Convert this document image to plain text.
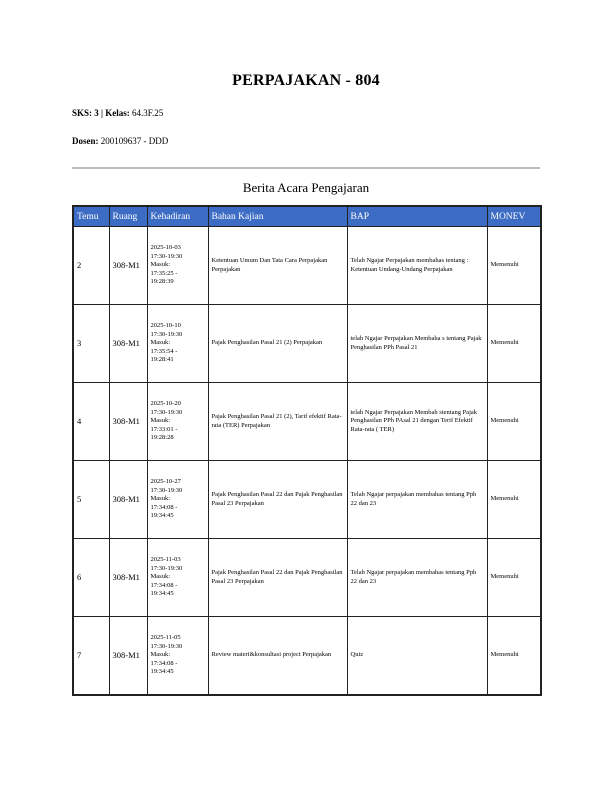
PERPAJAKAN - 804
SKS: 3 | Kelas: 64.3F.25
Dosen: 200109637 - DDD
Berita Acara Pengajaran
Temu	Ruang	Kehadiran	Bahan Kajian	BAP	MONEV
2	308-M1	2025-10-03
17:30-19:30
Masuk:
17:35:25 -
19:28:39	Ketentuan Umum Dan Tata Cara Perpajakan Perpajakan	Telah Ngajar Perpajakan membahas tentang : Ketentuan Undang-Undang Perpajakan	Memenuhi
3	308-M1	2025-10-10
17:30-19:30
Masuk:
17:35:54 -
19:28:41	Pajak Penghasilan Pasal 21 (2) Perpajakan	telah Ngajar Perpajakan Membaha s tentang Pajak Penghasilan PPh Pasal 21	Memenuhi
4	308-M1	2025-10-20
17:30-19:30
Masuk:
17:33:01 -
19:28:28	Pajak Penghasilan Pasal 21 (2), Tarif efektif Rata-rata (TER) Perpajakan	telah Ngajar Perpajakan Membah stentang Pajak Penghasilan PPh PAsal 21 dengan Terif Efektif Rata-rata ( TER)	Memenuhi
5	308-M1	2025-10-27
17:30-19:30
Masuk:
17:34:08 -
19:34:45	Pajak Penghasilan Pasal 22 dan Pajak Penghasilan Pasal 23 Perpajakan	Telah Ngajar perpajakan membahas tentang Pph 22 dan 23	Memenuhi
6	308-M1	2025-11-03
17:30-19:30
Masuk:
17:34:08 -
19:34:45	Pajak Penghasilan Pasal 22 dan Pajak Penghasilan Pasal 23 Perpajakan	Telah Ngajar perpajakan membahas tentang Pph 22 dan 23	Memenuhi
7	308-M1	2025-11-05
17:30-19:30
Masuk:
17:34:08 -
19:34:45	Review materi&konsultasi project Perpajakan	Quiz	Memenuhi
